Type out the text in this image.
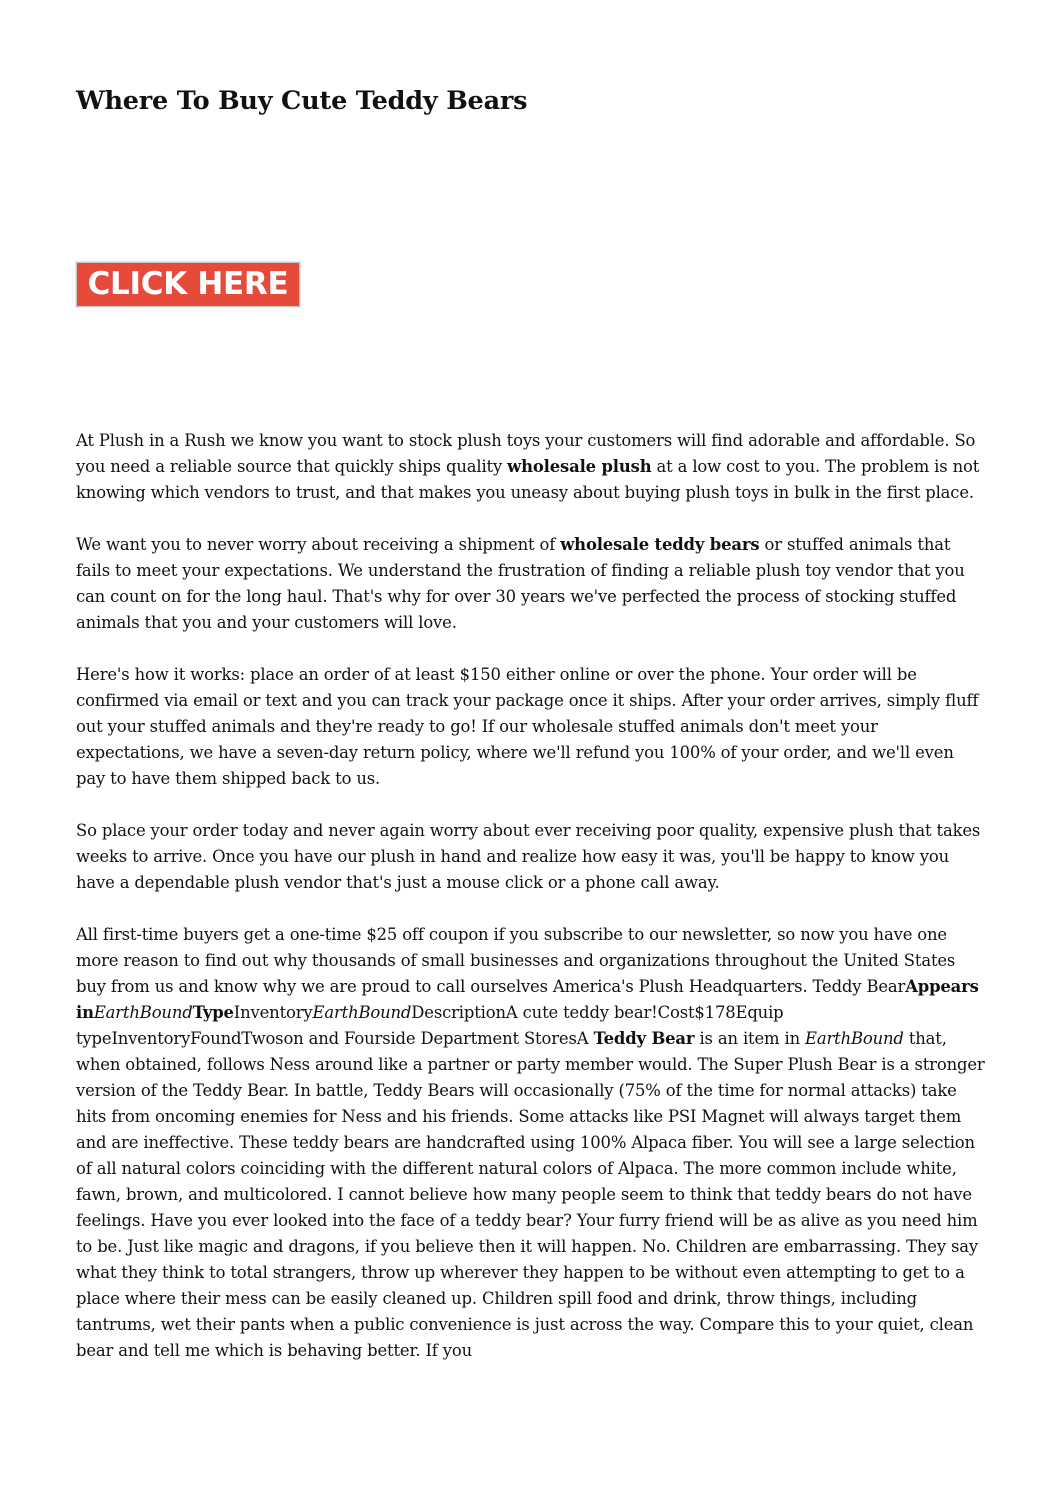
Where To Buy Cute Teddy Bears
CLICK HERE

At Plush in a Rush we know you want to stock plush toys your customers will find adorable and affordable. So you need a reliable source that quickly ships quality wholesale plush at a low cost to you. The problem is not knowing which vendors to trust, and that makes you uneasy about buying plush toys in bulk in the first place.

We want you to never worry about receiving a shipment of wholesale teddy bears or stuffed animals that fails to meet your expectations. We understand the frustration of finding a reliable plush toy vendor that you can count on for the long haul. That's why for over 30 years we've perfected the process of stocking stuffed animals that you and your customers will love.

Here's how it works: place an order of at least $150 either online or over the phone. Your order will be confirmed via email or text and you can track your package once it ships. After your order arrives, simply fluff out your stuffed animals and they're ready to go! If our wholesale stuffed animals don't meet your expectations, we have a seven-day return policy, where we'll refund you 100% of your order, and we'll even pay to have them shipped back to us.

So place your order today and never again worry about ever receiving poor quality, expensive plush that takes weeks to arrive. Once you have our plush in hand and realize how easy it was, you'll be happy to know you have a dependable plush vendor that's just a mouse click or a phone call away.

All first-time buyers get a one-time $25 off coupon if you subscribe to our newsletter, so now you have one more reason to find out why thousands of small businesses and organizations throughout the United States buy from us and know why we are proud to call ourselves America's Plush Headquarters. Teddy BearAppears inEarthBoundTypeInventoryEarthBoundDescriptionA cute teddy bear!Cost$178Equip typeInventoryFoundTwoson and Fourside Department StoresA Teddy Bear is an item in EarthBound that, when obtained, follows Ness around like a partner or party member would. The Super Plush Bear is a stronger version of the Teddy Bear. In battle, Teddy Bears will occasionally (75% of the time for normal attacks) take hits from oncoming enemies for Ness and his friends. Some attacks like PSI Magnet will always target them and are ineffective. These teddy bears are handcrafted using 100% Alpaca fiber. You will see a large selection of all natural colors coinciding with the different natural colors of Alpaca. The more common include white, fawn, brown, and multicolored. I cannot believe how many people seem to think that teddy bears do not have feelings. Have you ever looked into the face of a teddy bear? Your furry friend will be as alive as you need him to be. Just like magic and dragons, if you believe then it will happen. No. Children are embarrassing. They say what they think to total strangers, throw up wherever they happen to be without even attempting to get to a place where their mess can be easily cleaned up. Children spill food and drink, throw things, including tantrums, wet their pants when a public convenience is just across the way. Compare this to your quiet, clean bear and tell me which is behaving better. If you
